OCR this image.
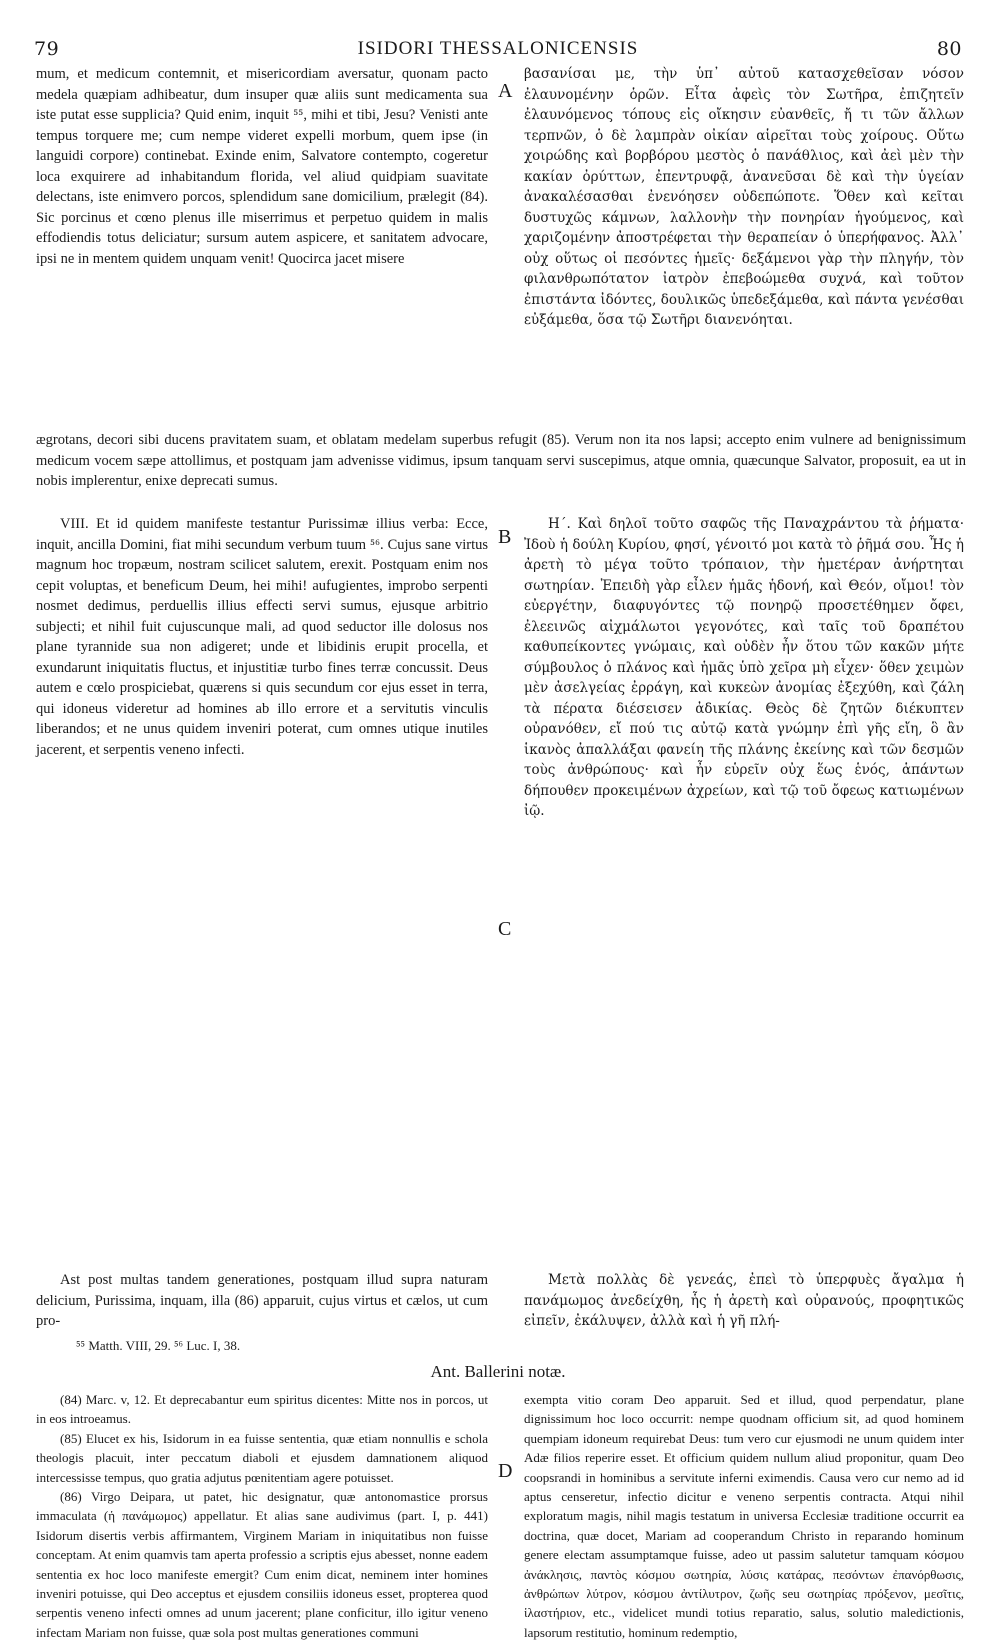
79	ISIDORI THESSALONICENSIS	80
mum, et medicum contemnit, et misericordiam aversatur, quonam pacto medela quæpiam adhibeatur, dum insuper quæ aliis sunt medicamenta sua iste putat esse supplicia? Quid enim, inquit ⁵⁵, mihi et tibi, Jesu? Venisti ante tempus torquere me; cum nempe videret expelli morbum, quem ipse (in languidi corpore) continebat. Exinde enim, Salvatore contempto, cogeretur loca exquirere ad inhabitandum florida, vel aliud quidpiam suavitate delectans, iste enimvero porcos, splendidum sane domicilium, prælegit (84). Sic porcinus et cœno plenus ille miserrimus et perpetuo quidem in malis effodiendis totus deliciatur; sursum autem aspicere, et sanitatem advocare, ipsi ne in mentem quidem unquam venit! Quocirca jacet misere
A
βασανίσαι με, τὴν ὑπ᾽ αὐτοῦ κατασχεθεῖσαν νόσον ἐλαυνομένην ὁρῶν. Εἶτα ἀφεὶς τὸν Σωτῆρα, ἐπιζητεῖν ἐλαυνόμενος τόπους εἰς οἴκησιν εὐανθεῖς, ἤ τι τῶν ἄλλων τερπνῶν, ὁ δὲ λαμπρὰν οἰκίαν αἱρεῖται τοὺς χοίρους. Οὕτω χοιρώδης καὶ βορβόρου μεστὸς ὁ πανάθλιος, καὶ ἀεὶ μὲν τὴν κακίαν ὀρύττων, ἐπεντρυφᾷ, ἀνανεῦσαι δὲ καὶ τὴν ὑγείαν ἀνακαλέσασθαι ἐνενόησεν οὐδεπώποτε. Ὅθεν καὶ κεῖται δυστυχῶς κάμνων, λαλλονὴν τὴν πονηρίαν ἡγούμενος, καὶ χαριζομένην ἀποστρέφεται τὴν θεραπείαν ὁ ὑπερήφανος. Ἀλλ᾽ οὐχ οὕτως οἱ πεσόντες ἡμεῖς· δεξάμενοι γὰρ τὴν πληγήν, τὸν φιλανθρωπότατον ἰατρὸν ἐπεβοώμεθα συχνά, καὶ τοῦτον ἐπιστάντα ἰδόντες, δουλικῶς ὑπεδεξάμεθα, καὶ πάντα γενέσθαι εὐξάμεθα, ὅσα τῷ Σωτῆρι διανενόηται.
ægrotans, decori sibi ducens pravitatem suam, et oblatam medelam superbus refugit (85). Verum non ita nos lapsi; accepto enim vulnere ad benignissimum medicum vocem sæpe attollimus, et postquam jam advenisse vidimus, ipsum tanquam servi suscepimus, atque omnia, quæcunque Salvator, proposuit, ea ut in nobis implerentur, enixe deprecati sumus.
VIII. Et id quidem manifeste testantur Purissimæ illius verba: Ecce, inquit, ancilla Domini, fiat mihi secundum verbum tuum ⁵⁶. Cujus sane virtus magnum hoc tropæum, nostram scilicet salutem, erexit. Postquam enim nos cepit voluptas, et beneficum Deum, hei mihi! aufugientes, improbo serpenti nosmet dedimus, perduellis illius effecti servi sumus, ejusque arbitrio subjecti; et nihil fuit cujuscunque mali, ad quod seductor ille dolosus nos plane tyrannide sua non adigeret; unde et libidinis erupit procella, et exundarunt iniquitatis fluctus, et injustitiæ turbo fines terræ concussit. Deus autem e cœlo prospiciebat, quærens si quis secundum cor ejus esset in terra, qui idoneus videretur ad homines ab illo errore et a servitutis vinculis liberandos; et ne unus quidem inveniri poterat, cum omnes utique inutiles jacerent, et serpentis veneno infecti.
B
Η΄. Καὶ δηλοῖ τοῦτο σαφῶς τῆς Παναχράντου τὰ ῥήματα· Ἰδοὺ ἡ δούλη Κυρίου, φησί, γένοιτό μοι κατὰ τὸ ῥῆμά σου. Ἧς ἡ ἀρετὴ τὸ μέγα τοῦτο τρόπαιον, τὴν ἡμετέραν ἀνήρτηται σωτηρίαν. Ἐπειδὴ γὰρ εἶλεν ἡμᾶς ἡδονή, καὶ Θεόν, οἴμοι! τὸν εὐεργέτην, διαφυγόντες τῷ πονηρῷ προσετέθημεν ὄφει, ἐλεεινῶς αἰχμάλωτοι γεγονότες, καὶ ταῖς τοῦ δραπέτου καθυπείκοντες γνώμαις, καὶ οὐδὲν ἦν ὅτου τῶν κακῶν μήτε σύμβουλος ὁ πλάνος καὶ ἡμᾶς ὑπὸ χεῖρα μὴ εἶχεν· ὅθεν χειμὼν μὲν ἀσελγείας ἐρράγη, καὶ κυκεὼν ἀνομίας ἐξεχύθη, καὶ ζάλη τὰ πέρατα διέσεισεν ἀδικίας. Θεὸς δὲ ζητῶν διέκυπτεν οὐρανόθεν, εἴ πού τις αὐτῷ κατὰ γνώμην ἐπὶ γῆς εἴη, ὃ ἂν ἱκανὸς ἀπαλλάξαι φανείη τῆς πλάνης ἐκείνης καὶ τῶν δεσμῶν τοὺς ἀνθρώπους· καὶ ἦν εὑρεῖν οὐχ ἕως ἑνός, ἁπάντων δήπουθεν προκειμένων ἀχρείων, καὶ τῷ τοῦ ὄφεως κατιωμένων ἰῷ.
C
Ast post multas tandem generationes, postquam illud supra naturam delicium, Purissima, inquam, illa (86) apparuit, cujus virtus et cælos, ut cum pro-
Μετὰ πολλὰς δὲ γενεάς, ἐπεὶ τὸ ὑπερφυὲς ἄγαλμα ἡ πανάμωμος ἀνεδείχθη, ἧς ἡ ἀρετὴ καὶ οὐρανούς, προφητικῶς εἰπεῖν, ἐκάλυψεν, ἀλλὰ καὶ ἡ γῆ πλή-
⁵⁵ Matth. VIII, 29. ⁵⁶ Luc. I, 38.
Ant. Ballerini notæ.

(84) Marc. v, 12. Et deprecabantur eum spiritus dicentes: Mitte nos in porcos, ut in eos introeamus.

(85) Elucet ex his, Isidorum in ea fuisse sententia, quæ etiam nonnullis e schola theologis placuit, inter peccatum diaboli et ejusdem damnationem aliquod intercessisse tempus, quo gratia adjutus pœnitentiam agere potuisset.

(86) Virgo Deipara, ut patet, hic designatur, quæ antonomastice prorsus immaculata (ἡ πανάμωμος) appellatur. Et alias sane audivimus (part. I, p. 441) Isidorum disertis verbis affirmantem, Virginem Mariam in iniquitatibus non fuisse conceptam. At enim quamvis tam aperta professio a scriptis ejus abesset, nonne eadem sententia ex hoc loco manifeste emergit? Cum enim dicat, neminem inter homines inveniri potuisse, qui Deo acceptus et ejusdem consiliis idoneus esset, propterea quod serpentis veneno infecti omnes ad unum jacerent; plane conficitur, illo igitur veneno infectam Mariam non fuisse, quæ sola post multas generationes communi

D
exempta vitio coram Deo apparuit. Sed et illud, quod perpendatur, plane dignissimum hoc loco occurrit: nempe quodnam officium sit, ad quod hominem quempiam idoneum requirebat Deus: tum vero cur ejusmodi ne unum quidem inter Adæ filios reperire esset. Et officium quidem nullum aliud proponitur, quam Deo coopsrandi in hominibus a servitute inferni eximendis. Causa vero cur nemo ad id aptus censeretur, infectio dicitur e veneno serpentis contracta. Atqui nihil exploratum magis, nihil magis testatum in universa Ecclesiæ traditione occurrit ea doctrina, quæ docet, Mariam ad cooperandum Christo in reparando hominum genere electam assumptamque fuisse, adeo ut passim salutetur tamquam κόσμου ἀνάκλησις, παντὸς κόσμου σωτηρία, λύσις κατάρας, πεσόντων ἐπανόρθωσις, ἀνθρώπων λύτρον, κόσμου ἀντίλυτρον, ζωῆς seu σωτηρίας πρόξενον, μεσῖτις, ἱλαστήριον, etc., videlicet mundi totius reparatio, salus, solutio maledictionis, lapsorum restitutio, hominum redemptio,
